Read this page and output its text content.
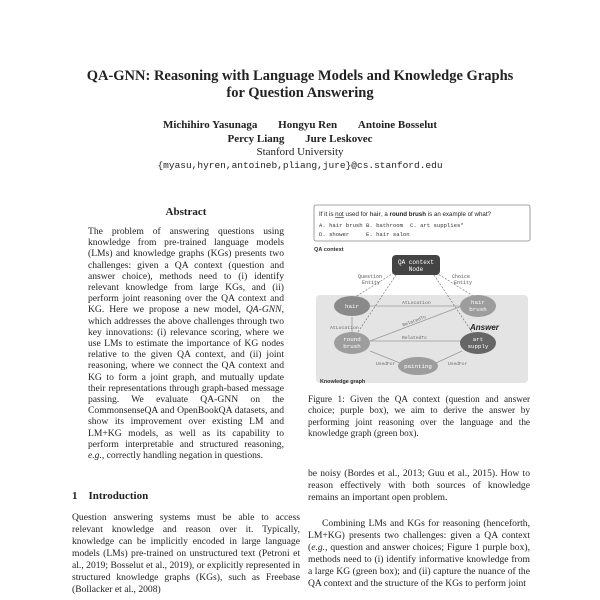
QA-GNN: Reasoning with Language Models and Knowledge Graphs
for Question Answering
Michihiro Yasunaga Hongyu Ren Antoine Bosselut
Percy Liang Jure Leskovec
Stanford University
{myasu,hyren,antoineb,pliang,jure}@cs.stanford.edu
Abstract
The problem of answering questions using knowledge from pre-trained language models (LMs) and knowledge graphs (KGs) presents two challenges: given a QA context (question and answer choice), methods need to (i) identify relevant knowledge from large KGs, and (ii) perform joint reasoning over the QA context and KG. Here we propose a new model, QA-GNN, which addresses the above challenges through two key innovations: (i) relevance scoring, where we use LMs to estimate the importance of KG nodes relative to the given QA context, and (ii) joint reasoning, where we connect the QA context and KG to form a joint graph, and mutually update their representations through graph-based message passing. We evaluate QA-GNN on the CommonsenseQA and OpenBookQA datasets, and show its improvement over existing LM and LM+KG models, as well as its capability to perform interpretable and structured reasoning, e.g., correctly handling negation in questions.
1    Introduction
Question answering systems must be able to access relevant knowledge and reason over it. Typically, knowledge can be implicitly encoded in large language models (LMs) pre-trained on unstructured text (Petroni et al., 2019; Bosselut et al., 2019), or explicitly represented in structured knowledge graphs (KGs), such as Freebase (Bollacker et al., 2008)
If it is not used for hair, a round brush is an example of what?
A. hair brush B. bathroom C. art supplies*
D. shower	E. hair salon
QA context
Knowledge graph
Question
Entity
Choice
Entity
AtLocation
AtLocation	RelatedTo
RelatedTo
UsedFor	UsedFor
QA context
Node
hair
hair
brush
round
brush
art
supply
painting
Answer
Figure 1: Given the QA context (question and answer choice; purple box), we aim to derive the answer by performing joint reasoning over the language and the knowledge graph (green box).
be noisy (Bordes et al., 2013; Guu et al., 2015). How to reason effectively with both sources of knowledge remains an important open problem.
Combining LMs and KGs for reasoning (henceforth, LM+KG) presents two challenges: given a QA context (e.g., question and answer choices; Figure 1 purple box), methods need to (i) identify informative knowledge from a large KG (green box); and (ii) capture the nuance of the QA context and the structure of the KGs to perform joint
